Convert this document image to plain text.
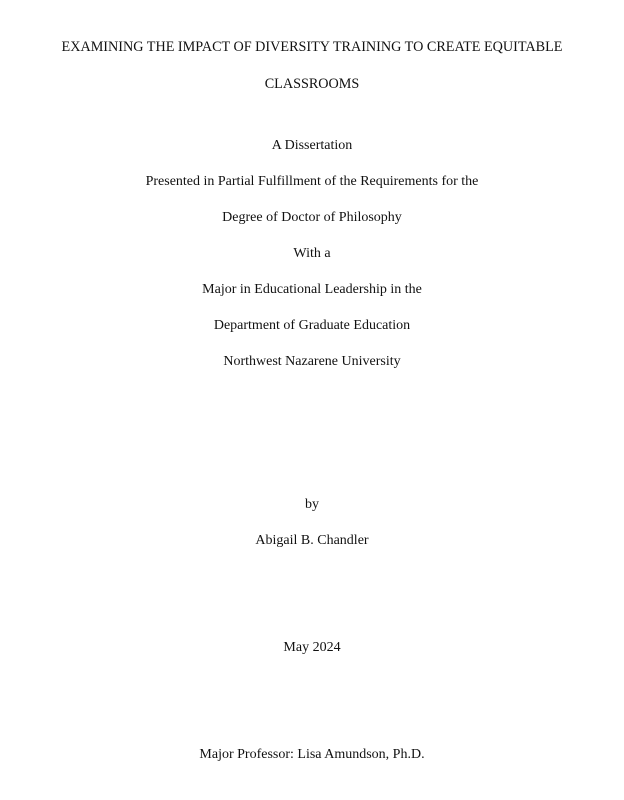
EXAMINING THE IMPACT OF DIVERSITY TRAINING TO CREATE EQUITABLE

CLASSROOMS

A Dissertation

Presented in Partial Fulfillment of the Requirements for the

Degree of Doctor of Philosophy

With a

Major in Educational Leadership in the

Department of Graduate Education

Northwest Nazarene University

by

Abigail B. Chandler

May 2024

Major Professor: Lisa Amundson, Ph.D.
